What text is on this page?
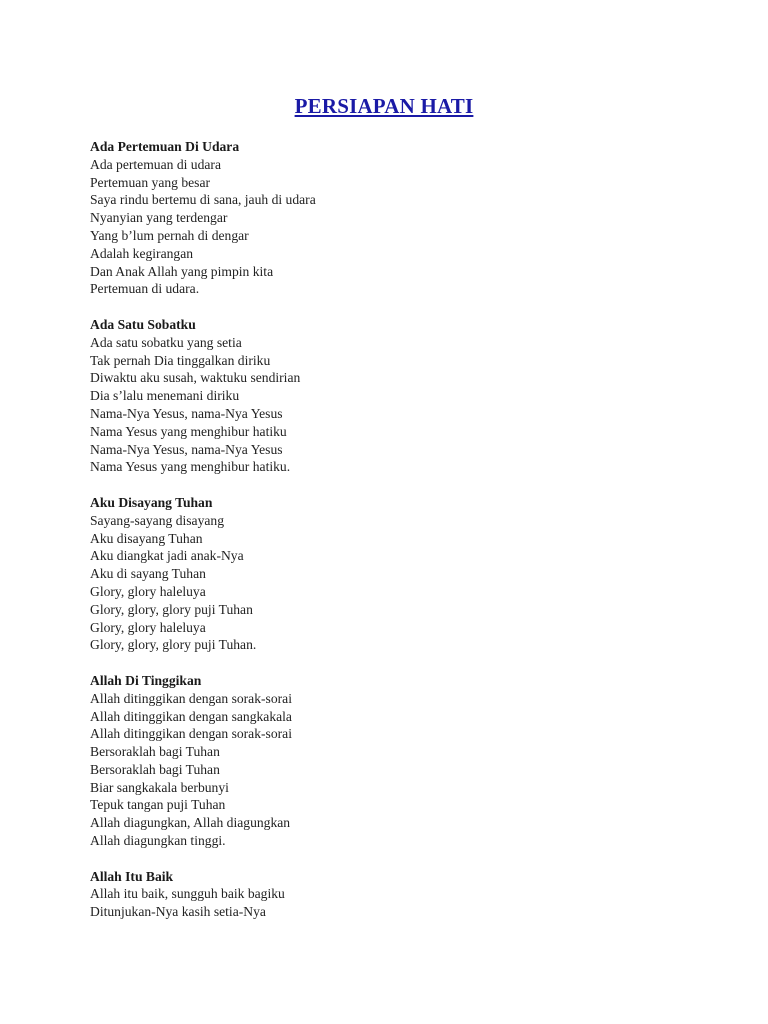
PERSIAPAN HATI
Ada Pertemuan Di Udara
Ada pertemuan di udara
Pertemuan yang besar
Saya rindu bertemu di sana, jauh di udara
Nyanyian yang terdengar
Yang b’lum pernah di dengar
Adalah kegirangan
Dan Anak Allah yang pimpin kita
Pertemuan di udara.
Ada Satu Sobatku
Ada satu sobatku yang setia
Tak pernah Dia tinggalkan diriku
Diwaktu aku susah, waktuku sendirian
Dia s’lalu menemani diriku
Nama-Nya Yesus, nama-Nya Yesus
Nama Yesus yang menghibur hatiku
Nama-Nya Yesus, nama-Nya Yesus
Nama Yesus yang menghibur hatiku.
Aku Disayang Tuhan
Sayang-sayang disayang
Aku disayang Tuhan
Aku diangkat jadi anak-Nya
Aku di sayang Tuhan
Glory, glory haleluya
Glory, glory, glory puji Tuhan
Glory, glory haleluya
Glory, glory, glory puji Tuhan.
Allah Di Tinggikan
Allah ditinggikan dengan sorak-sorai
Allah ditinggikan dengan sangkakala
Allah ditinggikan dengan sorak-sorai
Bersoraklah bagi Tuhan
Bersoraklah bagi Tuhan
Biar sangkakala berbunyi
Tepuk tangan puji Tuhan
Allah diagungkan, Allah diagungkan
Allah diagungkan tinggi.
Allah Itu Baik
Allah itu baik, sungguh baik bagiku
Ditunjukan-Nya kasih setia-Nya
